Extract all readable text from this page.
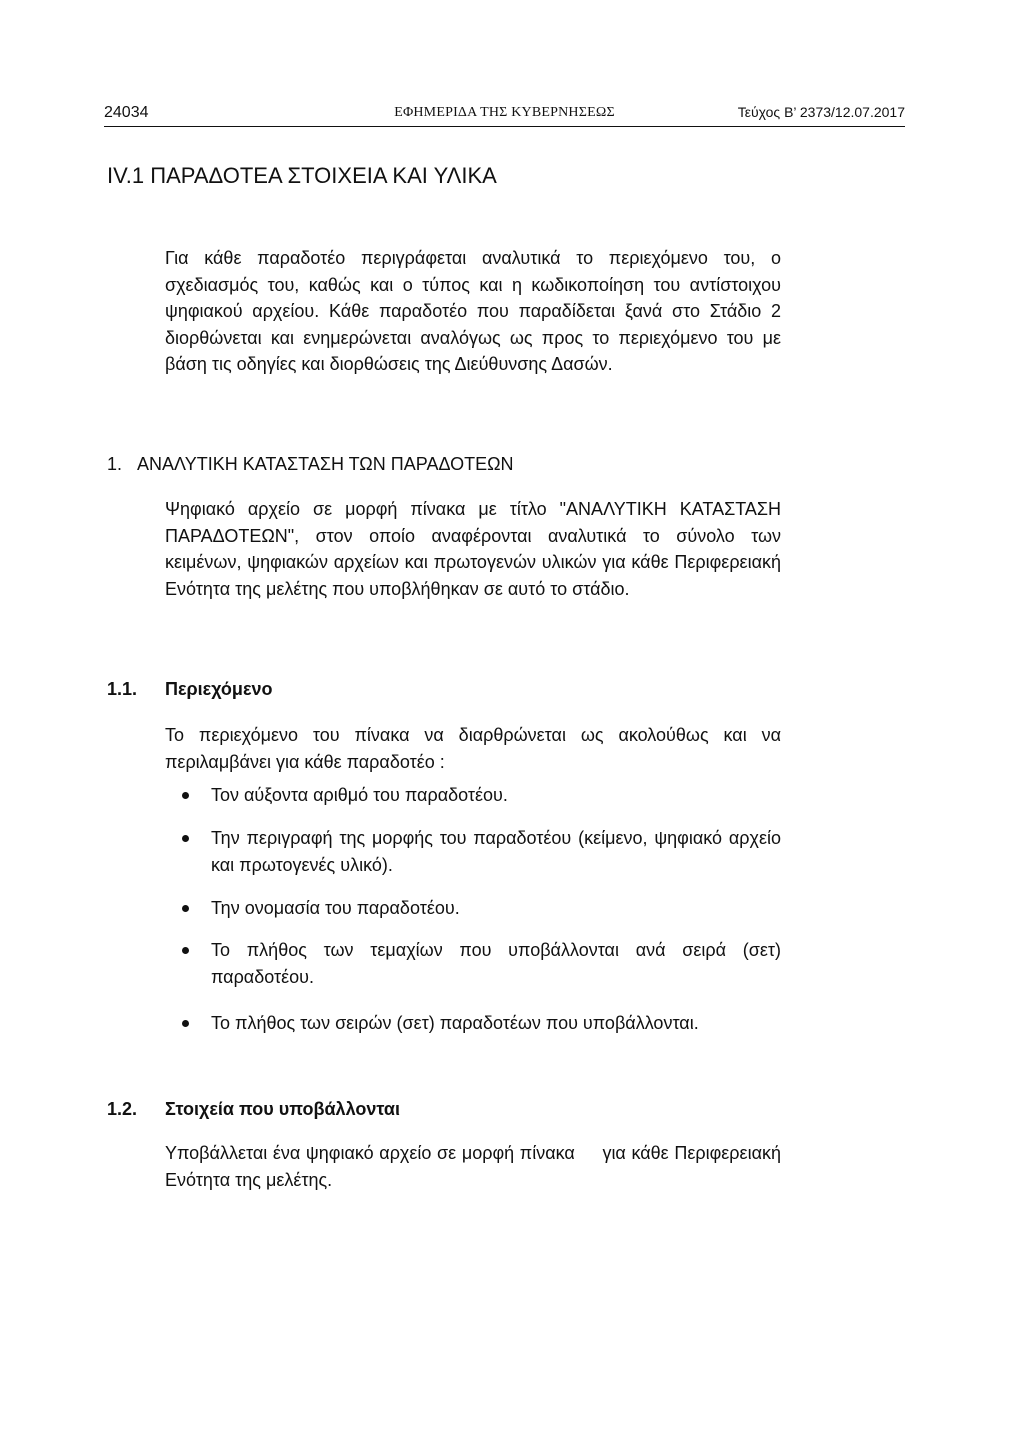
24034	ΕΦΗΜΕΡΙΔΑ ΤΗΣ ΚΥΒΕΡΝΗΣΕΩΣ	Τεύχος Β’ 2373/12.07.2017
IV.1 ΠΑΡΑΔΟΤΕΑ ΣΤΟΙΧΕΙΑ ΚΑΙ ΥΛΙΚΑ

Για κάθε παραδοτέο περιγράφεται αναλυτικά το περιεχόμενο του, ο σχεδιασμός του, καθώς και ο τύπος και η κωδικοποίηση του αντίστοιχου ψηφιακού αρχείου. Κάθε παραδοτέο που παραδίδεται ξανά στο Στάδιο 2 διορθώνεται και ενημερώνεται αναλόγως ως προς το περιεχόμενο του με βάση τις οδηγίες και διορθώσεις της Διεύθυνσης Δασών.

1. ΑΝΑΛΥΤΙΚΗ ΚΑΤΑΣΤΑΣΗ ΤΩΝ ΠΑΡΑΔΟΤΕΩΝ

Ψηφιακό αρχείο σε μορφή πίνακα με τίτλο "ΑΝΑΛΥΤΙΚΗ ΚΑΤΑΣΤΑΣΗ ΠΑΡΑΔΟΤΕΩΝ", στον οποίο αναφέρονται αναλυτικά το σύνολο των κειμένων, ψηφιακών αρχείων και πρωτογενών υλικών για κάθε Περιφερειακή Ενότητα της μελέτης που υποβλήθηκαν σε αυτό το στάδιο.

1.1. Περιεχόμενο

Το περιεχόμενο του πίνακα να διαρθρώνεται ως ακολούθως και να περιλαμβάνει για κάθε παραδοτέο :

Τον αύξοντα αριθμό του παραδοτέου.
Την περιγραφή της μορφής του παραδοτέου (κείμενο, ψηφιακό αρχείο και πρωτογενές υλικό).
Την ονομασία του παραδοτέου.
Το πλήθος των τεμαχίων που υποβάλλονται ανά σειρά (σετ) παραδοτέου.
Το πλήθος των σειρών (σετ) παραδοτέων που υποβάλλονται.
1.2. Στοιχεία που υποβάλλονται

Υποβάλλεται ένα ψηφιακό αρχείο σε μορφή πίνακα για κάθε Περιφερειακή Ενότητα της μελέτης.
